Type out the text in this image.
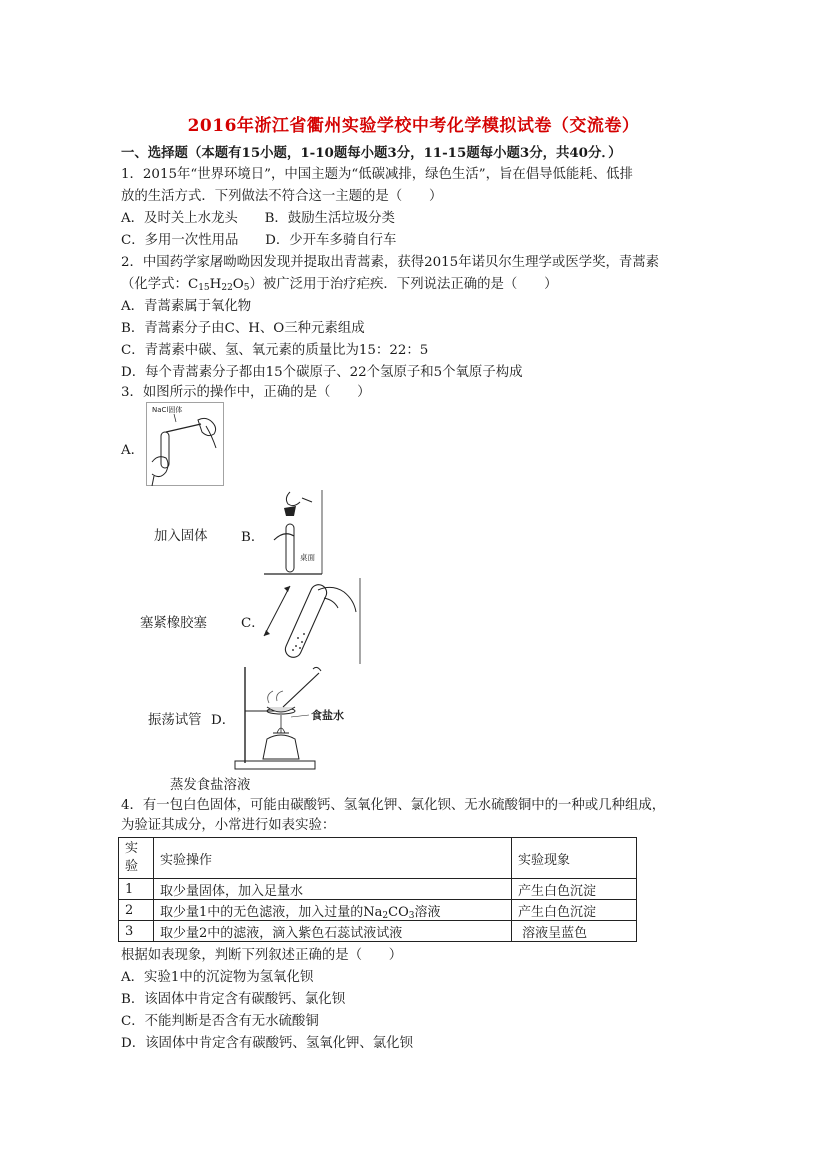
2016年浙江省衢州实验学校中考化学模拟试卷（交流卷）
一、选择题（本题有15小题，1-10题每小题3分，11-15题每小题3分，共40分．）
1．2015年“世界环境日”，中国主题为“低碳减排，绿色生活”，旨在倡导低能耗、低排
放的生活方式．下列做法不符合这一主题的是（　　）
A．及时关上水龙头　　B．鼓励生活垃圾分类
C．多用一次性用品　　D．少开车多骑自行车
2．中国药学家屠呦呦因发现并提取出青蒿素，获得2015年诺贝尔生理学或医学奖，青蒿素
（化学式：$C_{15}H_{22}O_5$）被广泛用于治疗疟疾．下列说法正确的是（　　）
A．青蒿素属于氧化物
B．青蒿素分子由C、H、O三种元素组成
C．青蒿素中碳、氢、氧元素的质量比为15：22：5
D．每个青蒿素分子都由15个碳原子、22个氢原子和5个氧原子构成
3．如图所示的操作中，正确的是（　　）
A．
NaCl固体
加入固体 B．
桌面
塞紧橡胶塞	C．
振荡试管 D．	食盐水
蒸发食盐溶液
4．有一包白色固体，可能由碳酸钙、氢氧化钾、氯化钡、无水硫酸铜中的一种或几种组成，
为验证其成分，小常进行如表实验：
实验	实验操作	实验现象
1	取少量固体，加入足量水	产生白色沉淀
2	取少量1中的无色滤液，加入过量的$Na_2CO_3$溶液	产生白色沉淀
3	取少量2中的滤液，滴入紫色石蕊试液试液	溶液呈蓝色
根据如表现象，判断下列叙述正确的是（　　）
A．实验1中的沉淀物为氢氧化钡
B．该固体中肯定含有碳酸钙、氯化钡
C．不能判断是否含有无水硫酸铜
D．该固体中肯定含有碳酸钙、氢氧化钾、氯化钡
